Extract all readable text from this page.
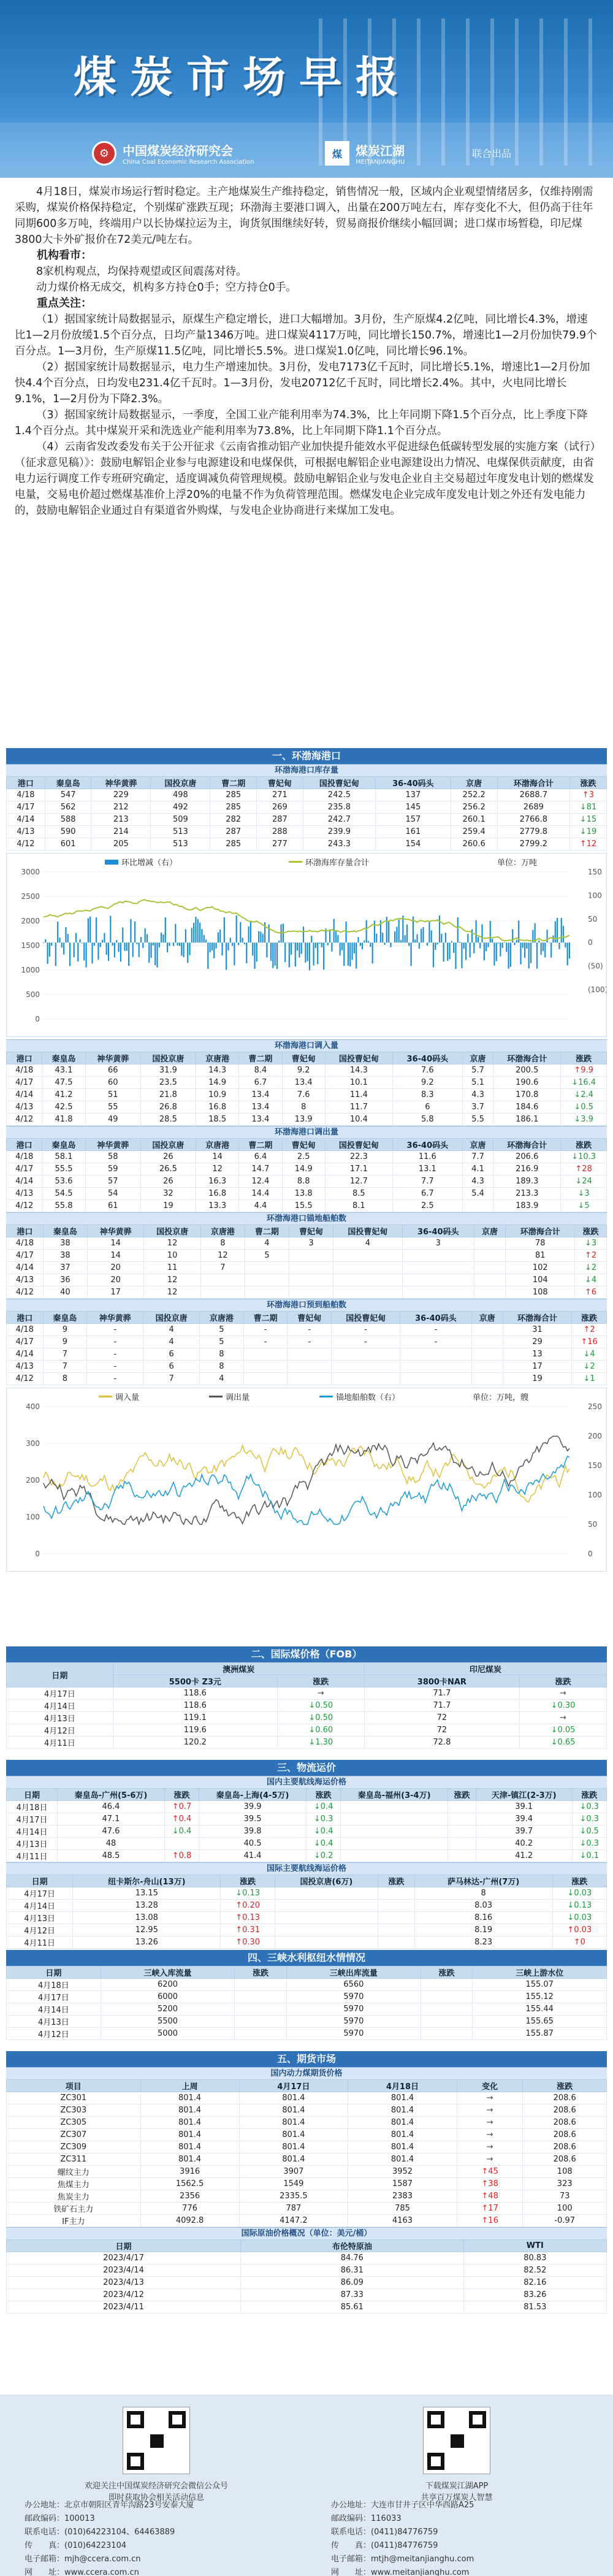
煤炭市场早报
⚙	中国煤炭经济研究会
China Coal Economic Research Association
煤	煤炭江湖
MEITANJIANGHU
联合出品

4月18日，煤炭市场运行暂时稳定。主产地煤炭生产维持稳定，销售情况一般，区域内企业观望情绪居多，仅维持刚需采购，煤炭价格保持稳定，个别煤矿涨跌互现；环渤海主要港口调入，出量在200万吨左右，库存变化不大，但仍高于往年同期600多万吨，终端用户以长协煤拉运为主，询货氛围继续好转，贸易商报价继续小幅回调；进口煤市场暂稳，印尼煤3800大卡外矿报价在72美元/吨左右。

机构看市：

8家机构观点，均保持观望或区间震荡对待。

动力煤价格无成交，机构多方持仓0手；空方持仓0手。

重点关注：

（1）据国家统计局数据显示，原煤生产稳定增长，进口大幅增加。3月份，生产原煤4.2亿吨，同比增长4.3%，增速比1—2月份放缓1.5个百分点，日均产量1346万吨。进口煤炭4117万吨，同比增长150.7%，增速比1—2月份加快79.9个百分点。1—3月份，生产原煤11.5亿吨，同比增长5.5%。进口煤炭1.0亿吨，同比增长96.1%。

（2）据国家统计局数据显示，电力生产增速加快。3月份，发电7173亿千瓦时，同比增长5.1%，增速比1—2月份加快4.4个百分点，日均发电231.4亿千瓦时。1—3月份，发电20712亿千瓦时，同比增长2.4%。其中，火电同比增长9.1%，1—2月份为下降2.3%。

（3）据国家统计局数据显示，一季度，全国工业产能利用率为74.3%，比上年同期下降1.5个百分点，比上季度下降1.4个百分点。其中煤炭开采和洗选业产能利用率为73.8%，比上年同期下降1.1个百分点。

（4）云南省发改委发布关于公开征求《云南省推动铝产业加快提升能效水平促进绿色低碳转型发展的实施方案（试行）（征求意见稿）》：鼓励电解铝企业参与电源建设和电煤保供，可根据电解铝企业电源建设出力情况、电煤保供贡献度，由省电力运行调度工作专班研究确定，适度调减负荷管理规模。鼓励电解铝企业与发电企业自主交易超过年度发电计划的燃煤发电量，交易电价超过燃煤基准价上浮20%的电量不作为负荷管理范围。燃煤发电企业完成年度发电计划之外还有发电能力的，鼓励电解铝企业通过自有渠道省外购煤，与发电企业协商进行来煤加工发电。

一、环渤海港口
环渤海港口库存量
港口	秦皇岛	神华黄骅	国投京唐	曹二期	曹妃甸	国投曹妃甸	36-40码头	京唐	环渤海合计	涨跌
4/18	547	229	498	285	271	242.5	137	252.2	2688.7	↑3
4/17	562	212	492	285	269	235.8	145	256.2	2689	↓81
4/14	588	213	509	282	287	242.7	157	260.1	2766.8	↓15
4/13	590	214	513	287	288	239.9	161	259.4	2779.8	↓19
4/12	601	205	513	285	277	243.3	154	260.6	2799.2	↑12
环比增减（右）	环渤海库存量合计	单位：万吨
3000
2500
2000
1500
1000
500
0
150
100
50
0
(50)
(100)
环渤海港口调入量
港口	秦皇岛	神华黄骅	国投京唐	京唐港	曹二期	曹妃甸	国投曹妃甸	36-40码头	京唐	环渤海合计	涨跌
4/18	43.1	66	31.9	14.3	8.4	9.2	14.3	7.6	5.7	200.5	↑9.9
4/17	47.5	60	23.5	14.9	6.7	13.4	10.1	9.2	5.1	190.6	↓16.4
4/14	41.2	51	21.8	10.9	13.4	7.6	11.4	8.3	4.3	170.8	↓2.4
4/13	42.5	55	26.8	16.8	13.4	8	11.7	6	3.7	184.6	↓0.5
4/12	41.8	49	28.5	18.5	13.4	13.9	10.4	5.8	5.5	186.1	↓3.9
环渤海港口调出量
港口	秦皇岛	神华黄骅	国投京唐	京唐港	曹二期	曹妃甸	国投曹妃甸	36-40码头	京唐	环渤海合计	涨跌
4/18	58.1	58	26	14	6.4	2.5	22.3	11.6	7.7	206.6	↓10.3
4/17	55.5	59	26.5	12	14.7	14.9	17.1	13.1	4.1	216.9	↑28
4/14	53.6	57	26	16.3	12.4	8.8	12.7	7.7	4.3	189.3	↓24
4/13	54.5	54	32	16.8	14.4	13.8	8.5	6.7	5.4	213.3	↓3
4/12	55.8	61	19	13.3	4.4	15.5	8.1	2.5		183.9	↓5
环渤海港口锚地船舶数
港口	秦皇岛	神华黄骅	国投京唐	京唐港	曹二期	曹妃甸	国投曹妃甸	36-40码头	京唐	环渤海合计	涨跌
4/18	38	14	12	8	4	3	4	3		78	↓3
4/17	38	14	10	12	5					81	↑2
4/14	37	20	11	7						102	↓2
4/13	36	20	12							104	↓4
4/12	40	17	12							108	↑6
环渤海港口预到船舶数
港口	秦皇岛	神华黄骅	国投京唐	京唐港	曹二期	曹妃甸	国投曹妃甸	36-40码头	京唐	环渤海合计	涨跌
4/18	9	-	4	5	-	-	-	-		31	↑2
4/17	9	-	4	5	-	-	-	-		29	↑16
4/14	7	-	6	8						13	↓4
4/13	7	-	6	8						17	↓2
4/12	8	-	7	4						19	↓1
调入量	调出量	锚地船舶数（右）	单位：万吨，艘
400
300
200
100
0
250
200
150
100
50
0
二、国际煤价格（FOB）
日期	澳洲煤炭		印尼煤炭	
	5500卡 Z3元	涨跌	3800卡NAR	涨跌
4月17日	118.6	→	71.7	→
4月14日	118.6	↓0.50	71.7	↓0.30
4月13日	119.1	↓0.50	72	→
4月12日	119.6	↓0.60	72	↓0.05
4月11日	120.2	↓1.30	72.8	↓0.65
三、物流运价
国内主要航线海运价格
日期	秦皇岛-广州(5-6万)	涨跌	秦皇岛-上海(4-5万)	涨跌	秦皇岛-福州(3-4万)	涨跌	天津-镇江(2-3万)	涨跌
4月18日	46.4	↑0.7	39.9	↓0.4			39.1	↓0.3
4月17日	47.1	↑0.4	39.5	↓0.3			39.4	↓0.3
4月14日	47.6	↓0.4	39.8	↓0.4			39.7	↓0.5
4月13日	48		40.5	↓0.4			40.2	↓0.3
4月11日	48.5	↑0.8	41.4	↓0.2			41.2	↓0.1
国际主要航线海运价格
日期	纽卡斯尔-舟山(13万)	涨跌	国投京唐(6万)	涨跌	萨马林达-广州(7万)	涨跌
4月17日	13.15	↓0.13			8	↓0.03
4月14日	13.28	↑0.20			8.03	↓0.13
4月13日	13.08	↑0.13			8.16	↓0.03
4月12日	12.95	↑0.31			8.19	↑0.03
4月11日	13.26	↑0.30			8.23	↑0
四、三峡水利枢纽水情情况
日期	三峡入库流量	涨跌	三峡出库流量	涨跌	三峡上游水位
4月18日	6200		6560		155.07
4月17日	6000		5970		155.12
4月14日	5200		5970		155.44
4月13日	5500		5970		155.65
4月12日	5000		5970		155.87
五、期货市场
国内动力煤期货价格
项目	上周	4月17日	4月18日	变化	涨跌
ZC301	801.4	801.4	801.4	→	208.6
ZC303	801.4	801.4	801.4	→	208.6
ZC305	801.4	801.4	801.4	→	208.6
ZC307	801.4	801.4	801.4	→	208.6
ZC309	801.4	801.4	801.4	→	208.6
ZC311	801.4	801.4	801.4	→	208.6
螺纹主力	3916	3907	3952	↑45	108
焦煤主力	1562.5	1549	1587	↑38	323
焦炭主力	2356	2335.5	2383	↑48	73
铁矿石主力	776	787	785	↑17	100
IF主力	4092.8	4147.2	4163	↑16	-0.97
国际原油价格概况（单位：美元/桶）
日期	布伦特原油	WTI
2023/4/17	84.76	80.83
2023/4/14	86.31	82.52
2023/4/13	86.09	82.16
2023/4/12	87.33	83.26
2023/4/11	85.61	81.53
欢迎关注中国煤炭经济研究会微信公众号
即时获取协会相关活动信息
下载煤炭江湖APP
共享百万煤炭人智慧
办公地址：北京市朝阳区青年沟路23号安泰大厦
邮政编码：100013
联系电话：(010)64223104、64463889
传　　真：(010)64223104
电子邮箱：mjh@ccera.com.cn
网　　址：www.ccera.com.cn
办公地址：大连市甘井子区中华西路A25
邮政编码：116033
联系电话：(0411)84776759
传　　真：(0411)84776759
电子邮箱：mtjh@meitanjianghu.com
网　　址：www.meitanjianghu.com
